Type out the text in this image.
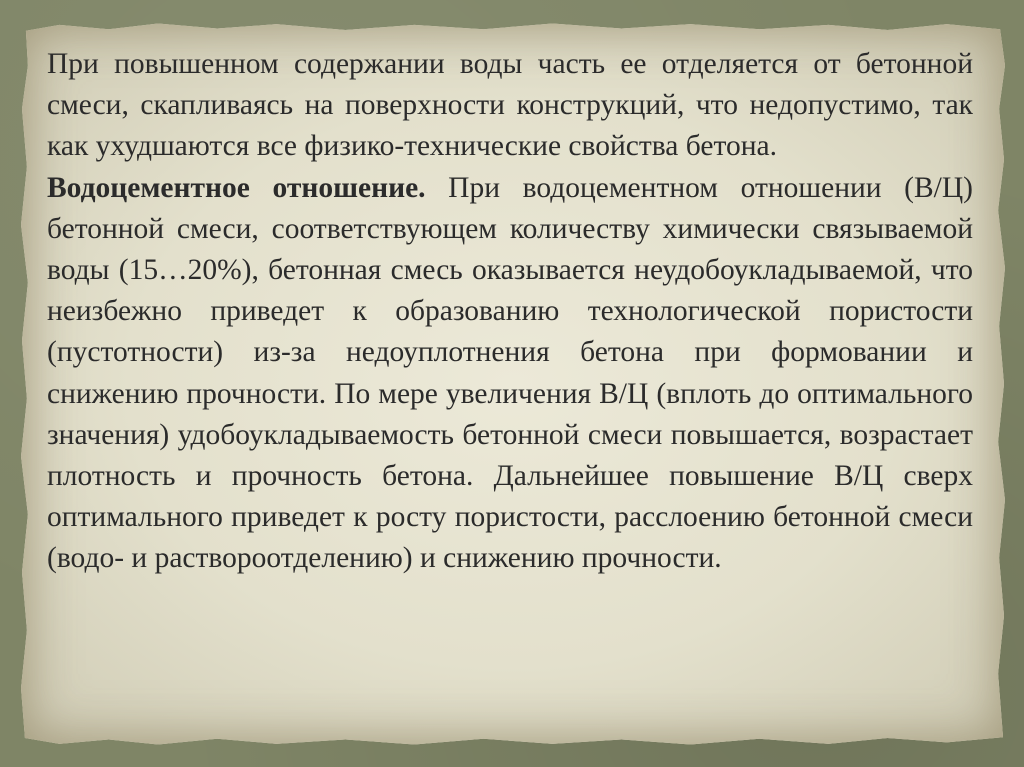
При повышенном содержании воды часть ее отделяется от бетонной смеси, скапливаясь на поверхности конструкций, что недопустимо, так как ухудшаются все физико-технические свойства бетона.

Водоцементное отношение. При водоцементном отношении (В/Ц) бетонной смеси, соответствующем количеству химически связываемой воды (15…20%), бетонная смесь оказывается неудобоукладываемой, что неизбежно приведет к образованию технологической пористости (пустотности) из-за недоуплотнения бетона при формовании и снижению прочности. По мере увеличения В/Ц (вплоть до оптимального значения) удобоукладываемость бетонной смеси повышается, возрастает плотность и прочность бетона. Дальнейшее повышение В/Ц сверх оптимального приведет к росту пористости, расслоению бетонной смеси (водо- и раствороотделению) и снижению прочности.
